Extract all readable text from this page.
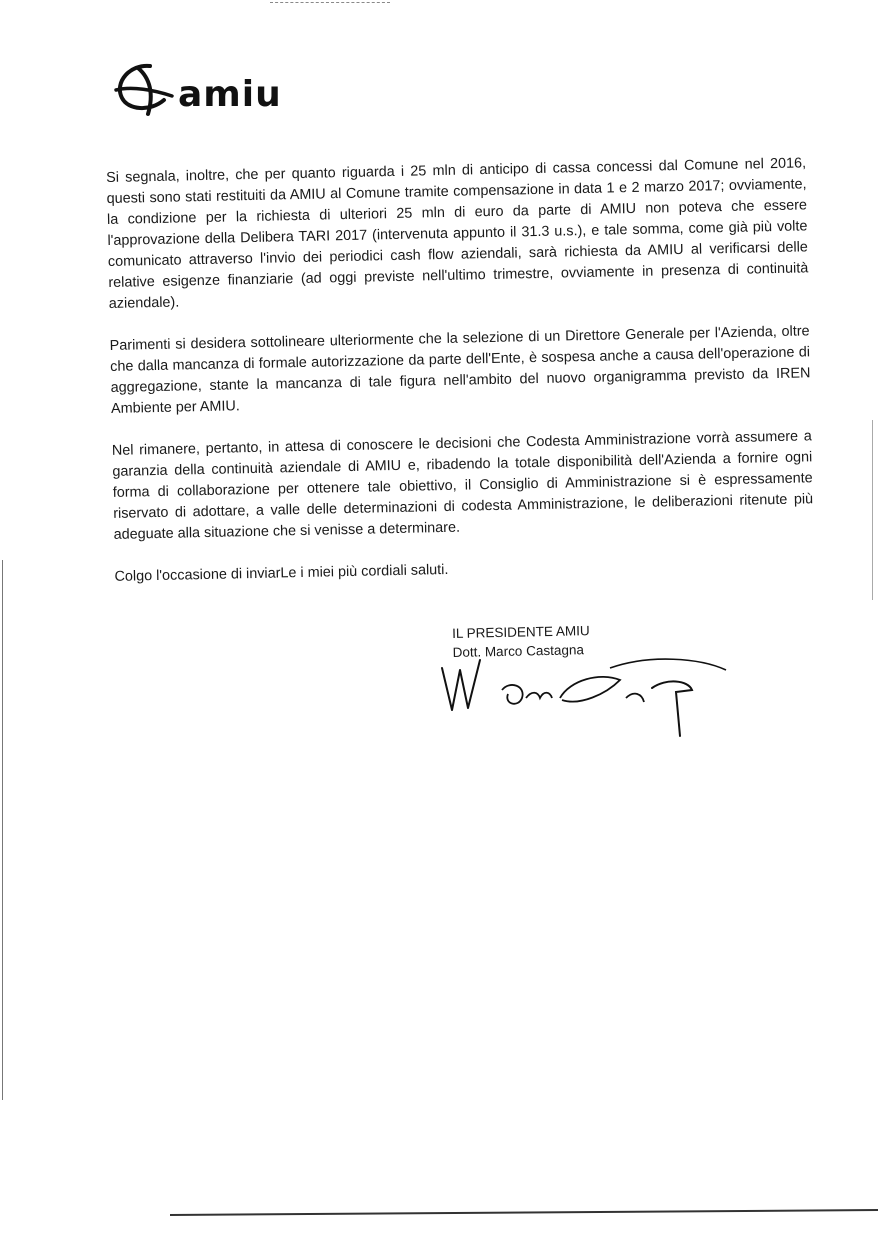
amiu

Si segnala, inoltre, che per quanto riguarda i 25 mln di anticipo di cassa concessi dal Comune nel 2016, questi sono stati restituiti da AMIU al Comune tramite compensazione in data 1 e 2 marzo 2017; ovviamente, la condizione per la richiesta di ulteriori 25 mln di euro da parte di AMIU non poteva che essere l'approvazione della Delibera TARI 2017 (intervenuta appunto il 31.3 u.s.), e tale somma, come già più volte comunicato attraverso l'invio dei periodici cash flow aziendali, sarà richiesta da AMIU al verificarsi delle relative esigenze finanziarie (ad oggi previste nell'ultimo trimestre, ovviamente in presenza di continuità aziendale).

Parimenti si desidera sottolineare ulteriormente che la selezione di un Direttore Generale per l'Azienda, oltre che dalla mancanza di formale autorizzazione da parte dell'Ente, è sospesa anche a causa dell'operazione di aggregazione, stante la mancanza di tale figura nell'ambito del nuovo organigramma previsto da IREN Ambiente per AMIU.

Nel rimanere, pertanto, in attesa di conoscere le decisioni che Codesta Amministrazione vorrà assumere a garanzia della continuità aziendale di AMIU e, ribadendo la totale disponibilità dell'Azienda a fornire ogni forma di collaborazione per ottenere tale obiettivo, il Consiglio di Amministrazione si è espressamente riservato di adottare, a valle delle determinazioni di codesta Amministrazione, le deliberazioni ritenute più adeguate alla situazione che si venisse a determinare.

Colgo l'occasione di inviarLe i miei più cordiali saluti.

IL PRESIDENTE AMIU
Dott. Marco Castagna
